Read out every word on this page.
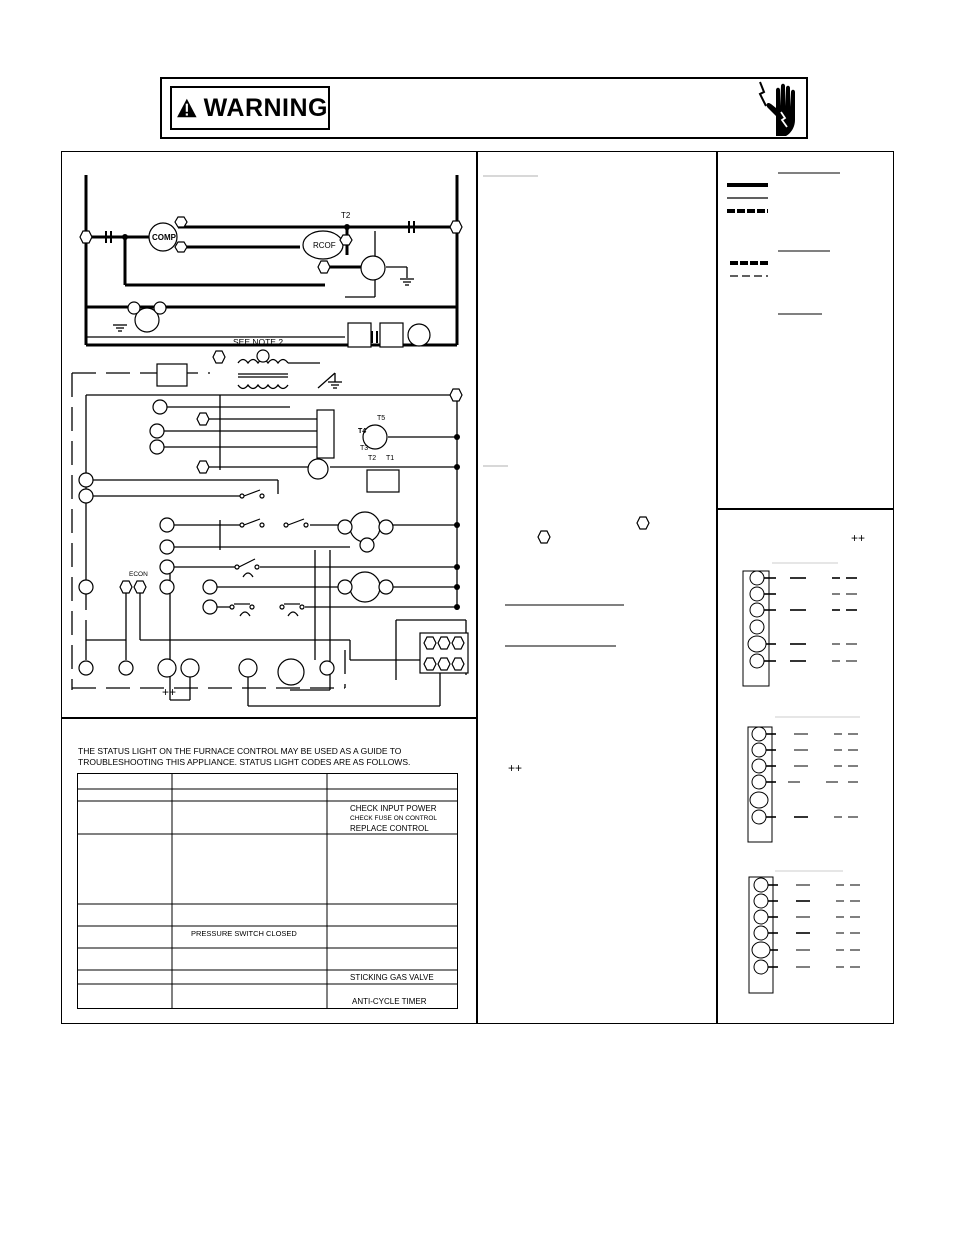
WARNING
COMP
RCOF
T2
SEE NOTE 2
T5
T4
T3
T2 T1
ECON
++
++
++
THE STATUS LIGHT ON THE FURNACE CONTROL MAY BE USED AS A GUIDE TO TROUBLESHOOTING THIS APPLIANCE. STATUS LIGHT CODES ARE AS FOLLOWS.
CHECK INPUT POWER
CHECK FUSE ON CONTROL
REPLACE CONTROL
PRESSURE SWITCH CLOSED
STICKING GAS VALVE
ANTI-CYCLE TIMER
